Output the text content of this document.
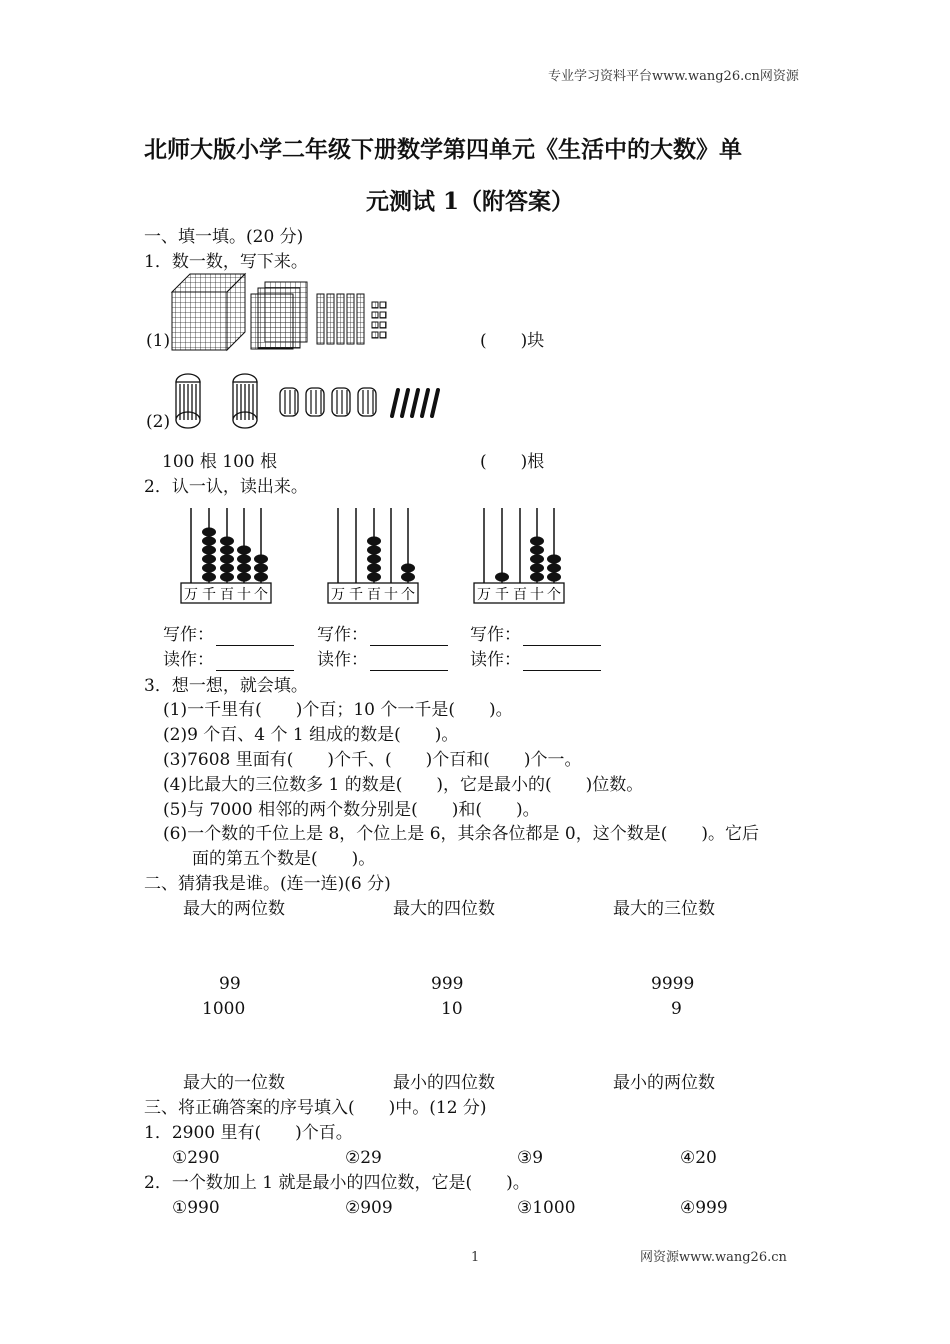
专业学习资料平台www.wang26.cn网资源
北师大版小学二年级下册数学第四单元《生活中的大数》单
元测试 1（附答案）
一、填一填。(20 分)
1．数一数，写下来。
(1)	(　　)块
(2)
100 根 100 根	(　　)根
2．认一认，读出来。
万 千 百 十 个	万 千 百 十 个	万 千 百 十 个
写作：	写作：	写作：
读作：	读作：	读作：
3．想一想，就会填。
(1)一千里有(　　)个百；10 个一千是(　　)。
(2)9 个百、4 个 1 组成的数是(　　)。
(3)7608 里面有(　　)个千、(　　)个百和(　　)个一。
(4)比最大的三位数多 1 的数是(　　)，它是最小的(　　)位数。
(5)与 7000 相邻的两个数分别是(　　)和(　　)。
(6)一个数的千位上是 8，个位上是 6，其余各位都是 0，这个数是(　　)。它后
面的第五个数是(　　)。
二、猜猜我是谁。(连一连)(6 分)
最大的两位数	最大的四位数	最大的三位数
99	999	9999
1000	10	9
最大的一位数	最小的四位数	最小的两位数
三、将正确答案的序号填入(　　)中。(12 分)
1．2900 里有(　　)个百。
①290	②29	③9	④20
2．一个数加上 1 就是最小的四位数，它是(　　)。
①990	②909	③1000	④999
1	网资源www.wang26.cn
